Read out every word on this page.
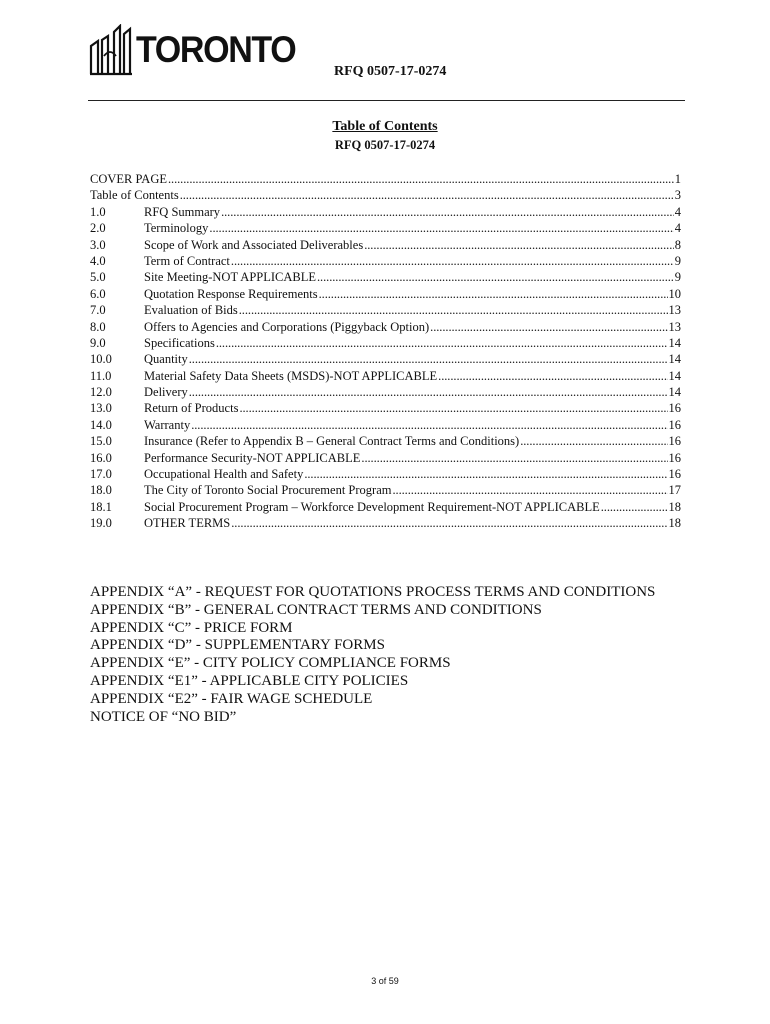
TORONTO
RFQ 0507-17-0274
Table of Contents
RFQ 0507-17-0274
COVER PAGE . . .	1
Table of Contents . . .	3
1.0	RFQ Summary . . .	4
2.0	Terminology . . .	4
3.0	Scope of Work and Associated Deliverables . . .	8
4.0	Term of Contract . . .	9
5.0	Site Meeting-NOT APPLICABLE . . .	9
6.0	Quotation Response Requirements . . .	10
7.0	Evaluation of Bids . . .	13
8.0	Offers to Agencies and Corporations (Piggyback Option) . . .	13
9.0	Specifications . . .	14
10.0	Quantity . . .	14
11.0	Material Safety Data Sheets (MSDS)-NOT APPLICABLE . . .	14
12.0	Delivery . . .	14
13.0	Return of Products . . .	16
14.0	Warranty . . .	16
15.0	Insurance (Refer to Appendix B – General Contract Terms and Conditions) . . .	16
16.0	Performance Security-NOT APPLICABLE . . .	16
17.0	Occupational Health and Safety . . .	16
18.0	The City of Toronto Social Procurement Program . . .	17
18.1	Social Procurement Program – Workforce Development Requirement-NOT APPLICABLE . . .	18
19.0	OTHER TERMS . . .	18
APPENDIX “A” - REQUEST FOR QUOTATIONS PROCESS TERMS AND CONDITIONS
APPENDIX “B” - GENERAL CONTRACT TERMS AND CONDITIONS
APPENDIX “C” - PRICE FORM
APPENDIX “D” - SUPPLEMENTARY FORMS
APPENDIX “E” - CITY POLICY COMPLIANCE FORMS
APPENDIX “E1” - APPLICABLE CITY POLICIES
APPENDIX “E2” - FAIR WAGE SCHEDULE
NOTICE OF “NO BID”
3 of 59
